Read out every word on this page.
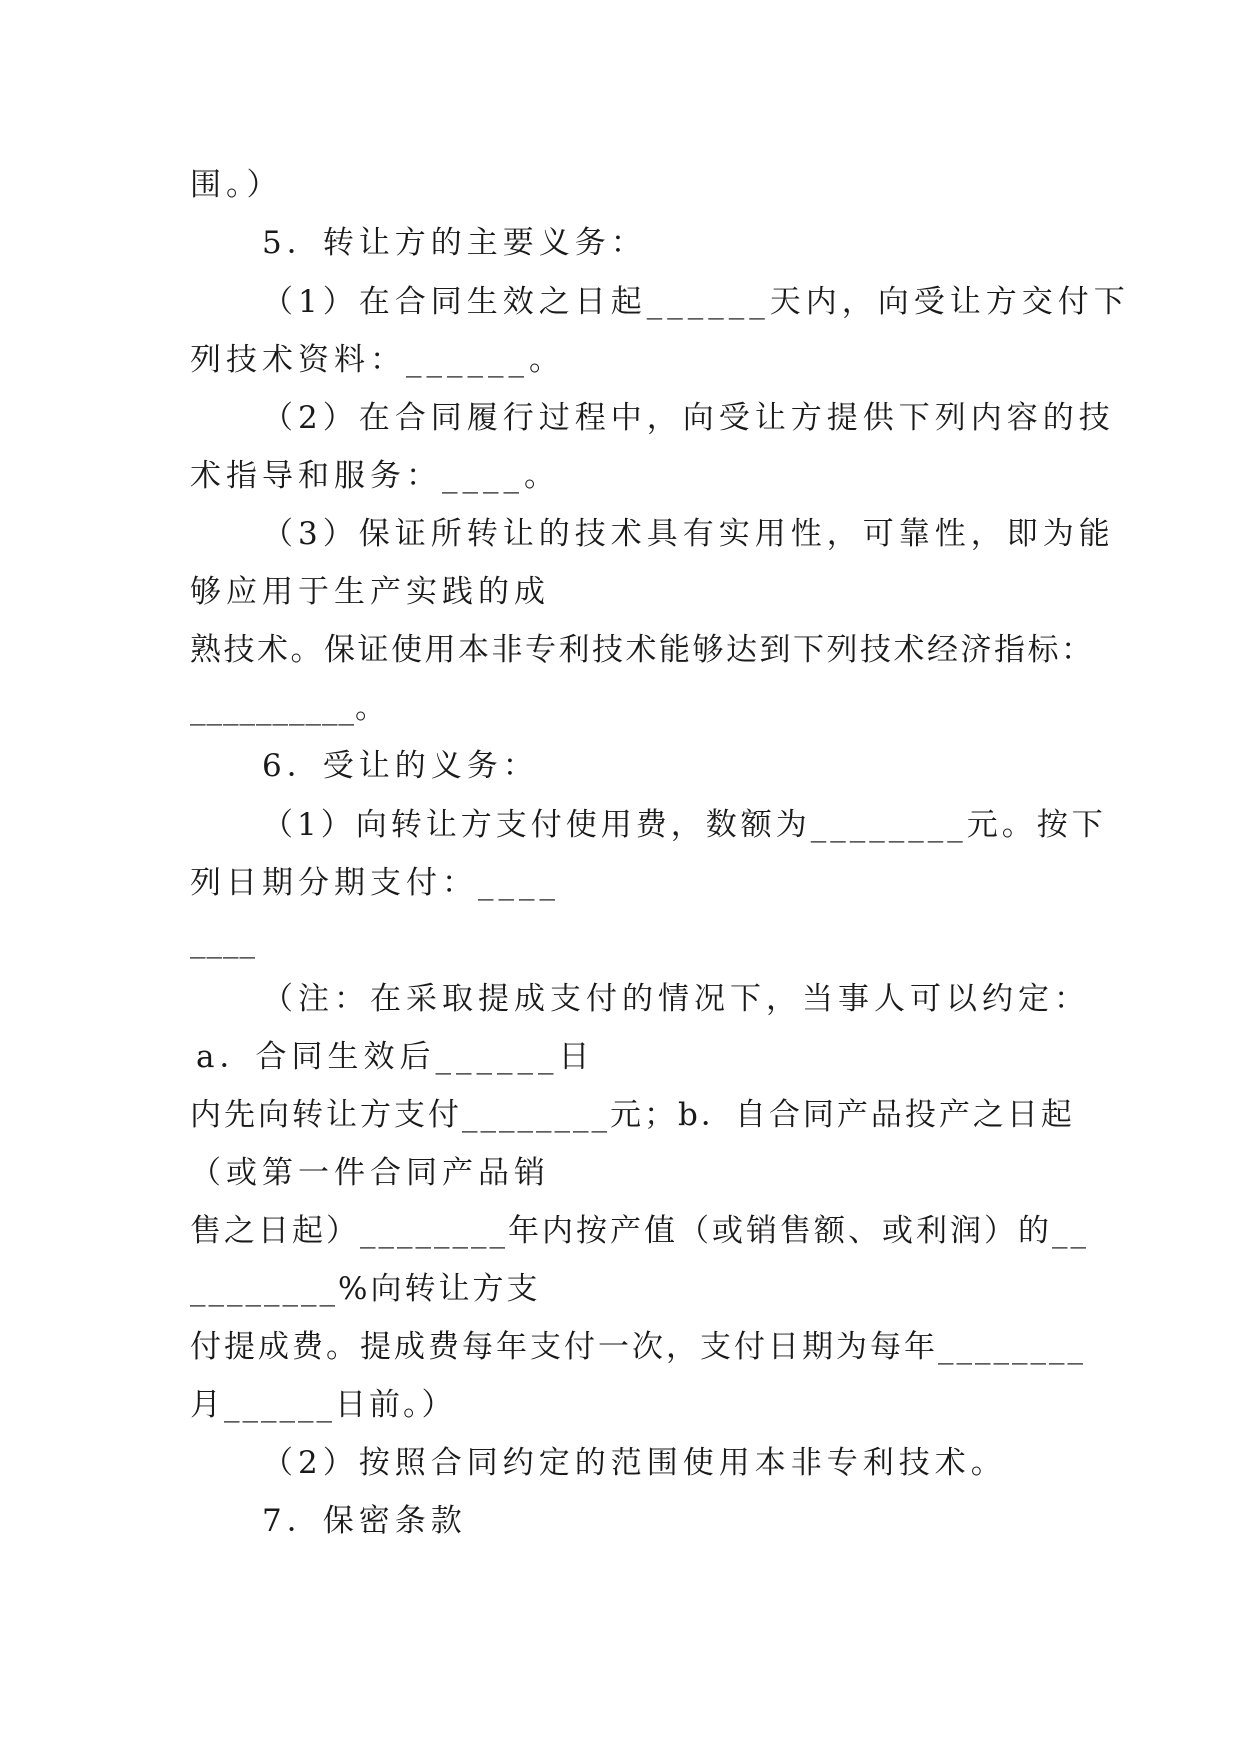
围。）
5．转让方的主要义务：
（1）在合同生效之日起______天内，向受让方交付下
列技术资料：______。
（2）在合同履行过程中，向受让方提供下列内容的技
术指导和服务：____。
（3）保证所转让的技术具有实用性，可靠性，即为能
够应用于生产实践的成
熟技术。保证使用本非专利技术能够达到下列技术经济指标：
__________。
6．受让的义务：
（1）向转让方支付使用费，数额为________元。按下
列日期分期支付：____
____
（注：在采取提成支付的情况下，当事人可以约定：
a．合同生效后______日
内先向转让方支付________元；b．自合同产品投产之日起
（或第一件合同产品销
售之日起）________年内按产值（或销售额、或利润）的__
________%向转让方支
付提成费。提成费每年支付一次，支付日期为每年________
月______日前。）
（2）按照合同约定的范围使用本非专利技术。
7．保密条款
